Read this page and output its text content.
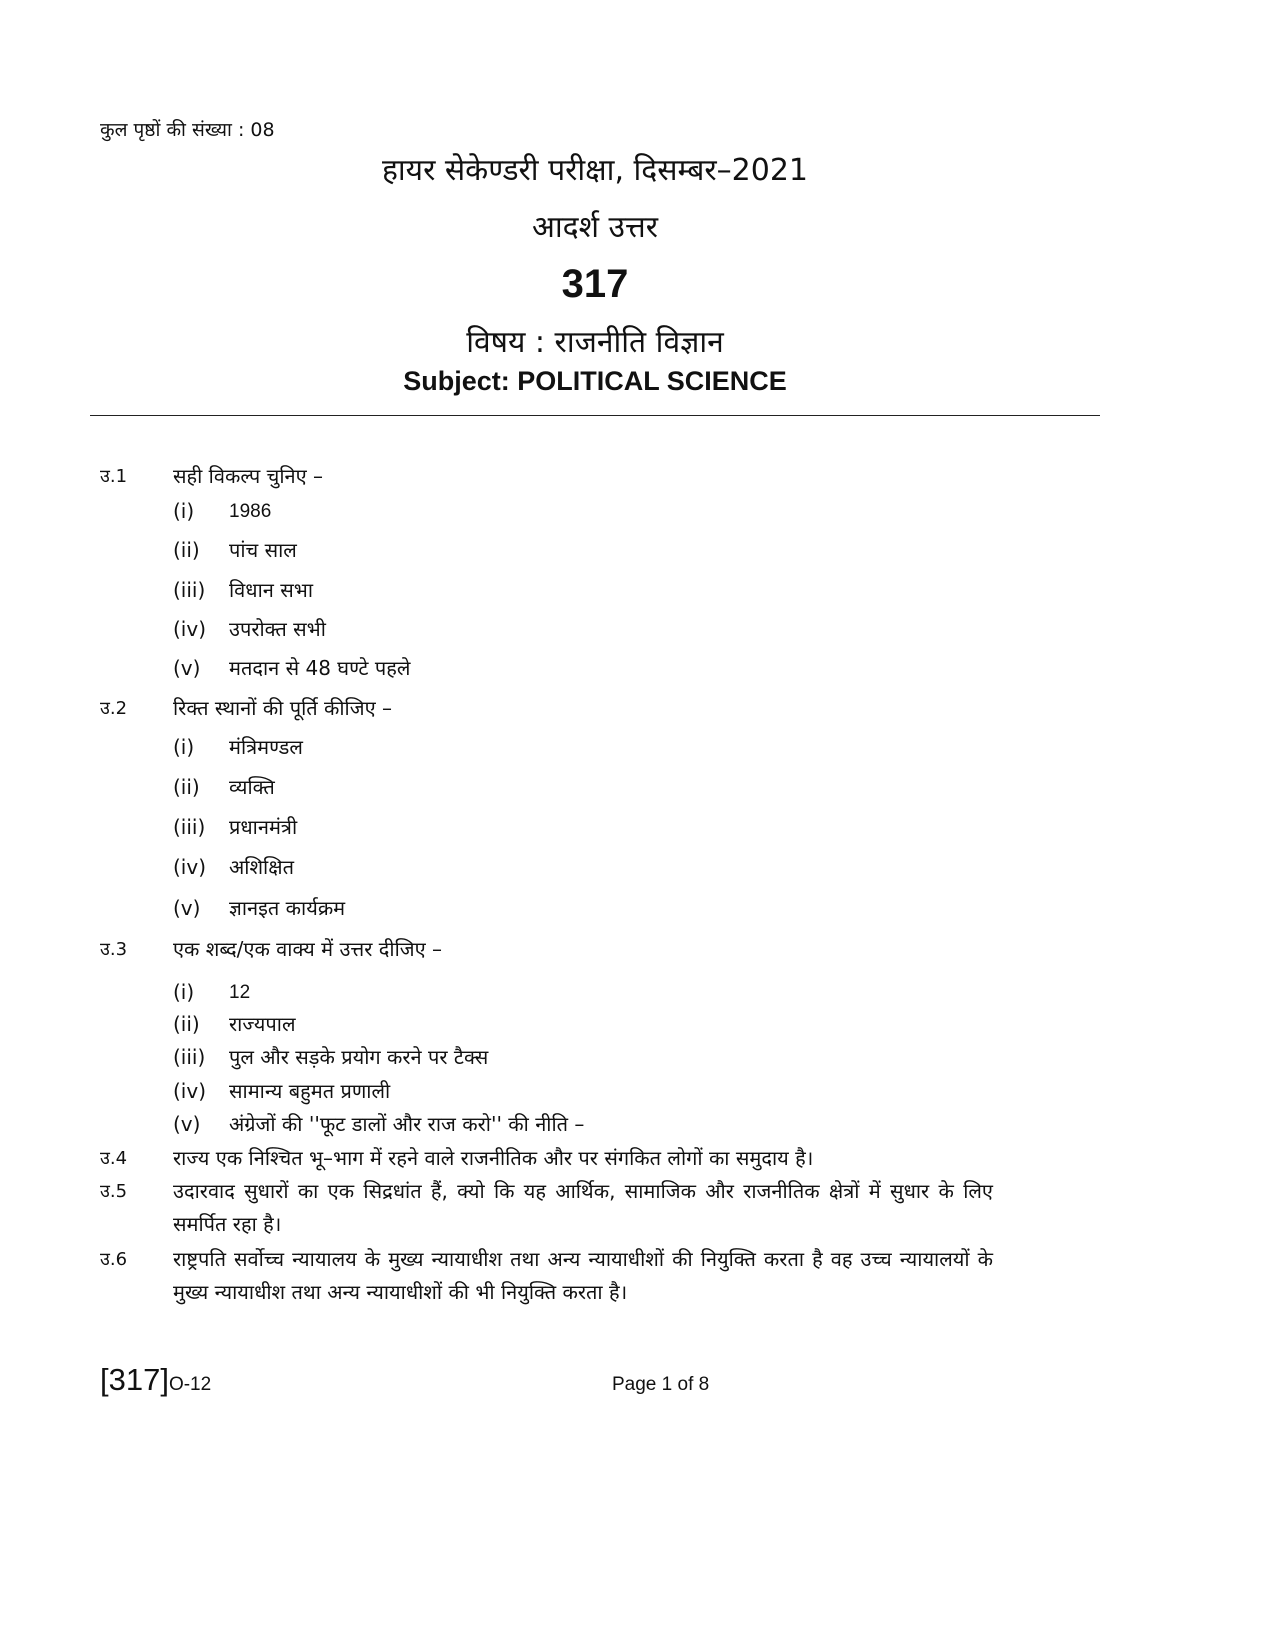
कुल पृष्ठों की संख्या : 08
हायर सेकेण्डरी परीक्षा, दिसम्बर–2021
आदर्श उत्तर
317
विषय : राजनीति विज्ञान
Subject: POLITICAL SCIENCE
उ.1	सही विकल्प चुनिए –
(i)	1986
(ii)	पांच साल
(iii)	विधान सभा
(iv)	उपरोक्त सभी
(v)	मतदान से 48 घण्टे पहले
उ.2	रिक्त स्थानों की पूर्ति कीजिए –
(i)	मंत्रिमण्डल
(ii)	व्यक्ति
(iii)	प्रधानमंत्री
(iv)	अशिक्षित
(v)	ज्ञानइत कार्यक्रम
उ.3	एक शब्द/एक वाक्य में उत्तर दीजिए –
(i)	12
(ii)	राज्यपाल
(iii)	पुल और सड़के प्रयोग करने पर टैक्स
(iv)	सामान्य बहुमत प्रणाली
(v)	अंग्रेजों की ''फूट डालों और राज करो'' की नीति –
उ.4	राज्य एक निश्चित भू–भाग में रहने वाले राजनीतिक और पर संगकित लोगों का समुदाय है।
उ.5	उदारवाद सुधारों का एक सिद्रधांत हैं, क्यो कि यह आर्थिक, सामाजिक और राजनीतिक क्षेत्रों में सुधार के लिए समर्पित रहा है।
उ.6	राष्ट्रपति सर्वोच्च न्यायालय के मुख्य न्यायाधीश तथा अन्य न्यायाधीशों की नियुक्ति करता है वह उच्च न्यायालयों के मुख्य न्यायाधीश तथा अन्य न्यायाधीशों की भी नियुक्ति करता है।
[317]O-12	Page 1 of 8
